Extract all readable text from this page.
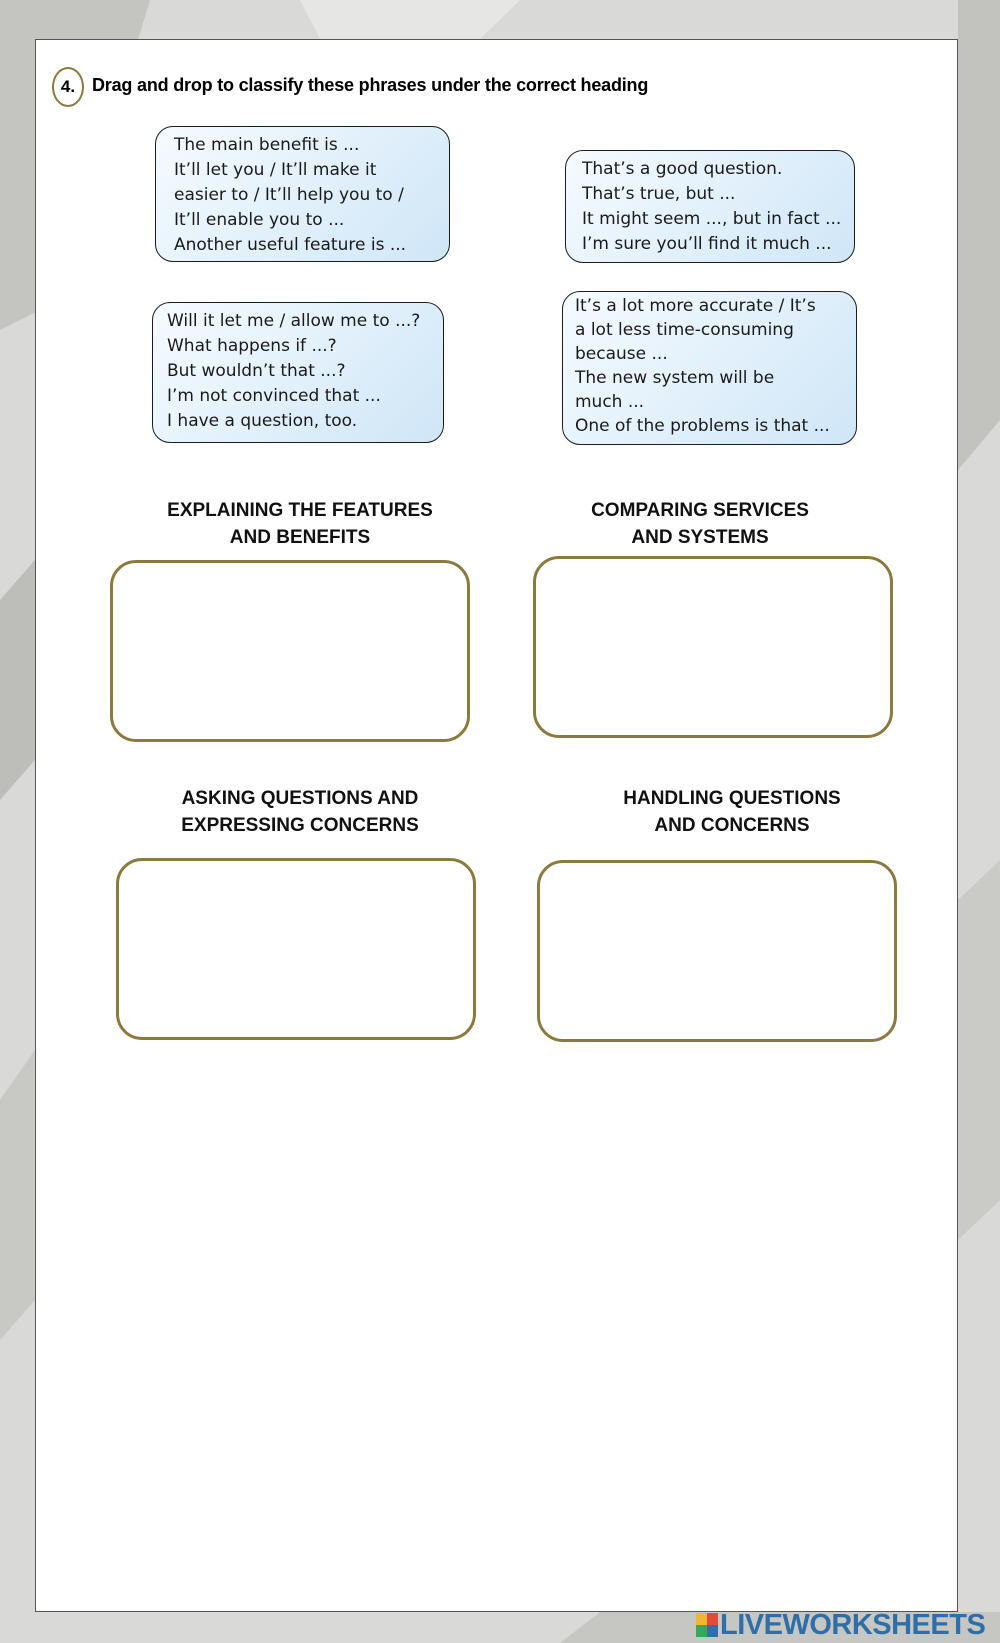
4. Drag and drop to classify these phrases under the correct heading
The main benefit is ...
It’ll let you / It’ll make it
easier to / It’ll help you to /
It’ll enable you to ...
Another useful feature is ...
That’s a good question.
That’s true, but ...
It might seem ..., but in fact ...
I’m sure you’ll find it much ...
Will it let me / allow me to ...?
What happens if ...?
But wouldn’t that ...?
I’m not convinced that ...
I have a question, too.
It’s a lot more accurate / It’s
a lot less time-consuming
because ...
The new system will be
much ...
One of the problems is that ...
EXPLAINING THE FEATURES
AND BENEFITS
COMPARING SERVICES
AND SYSTEMS
ASKING QUESTIONS AND
EXPRESSING CONCERNS
HANDLING QUESTIONS
AND CONCERNS
LIVEWORKSHEETS
